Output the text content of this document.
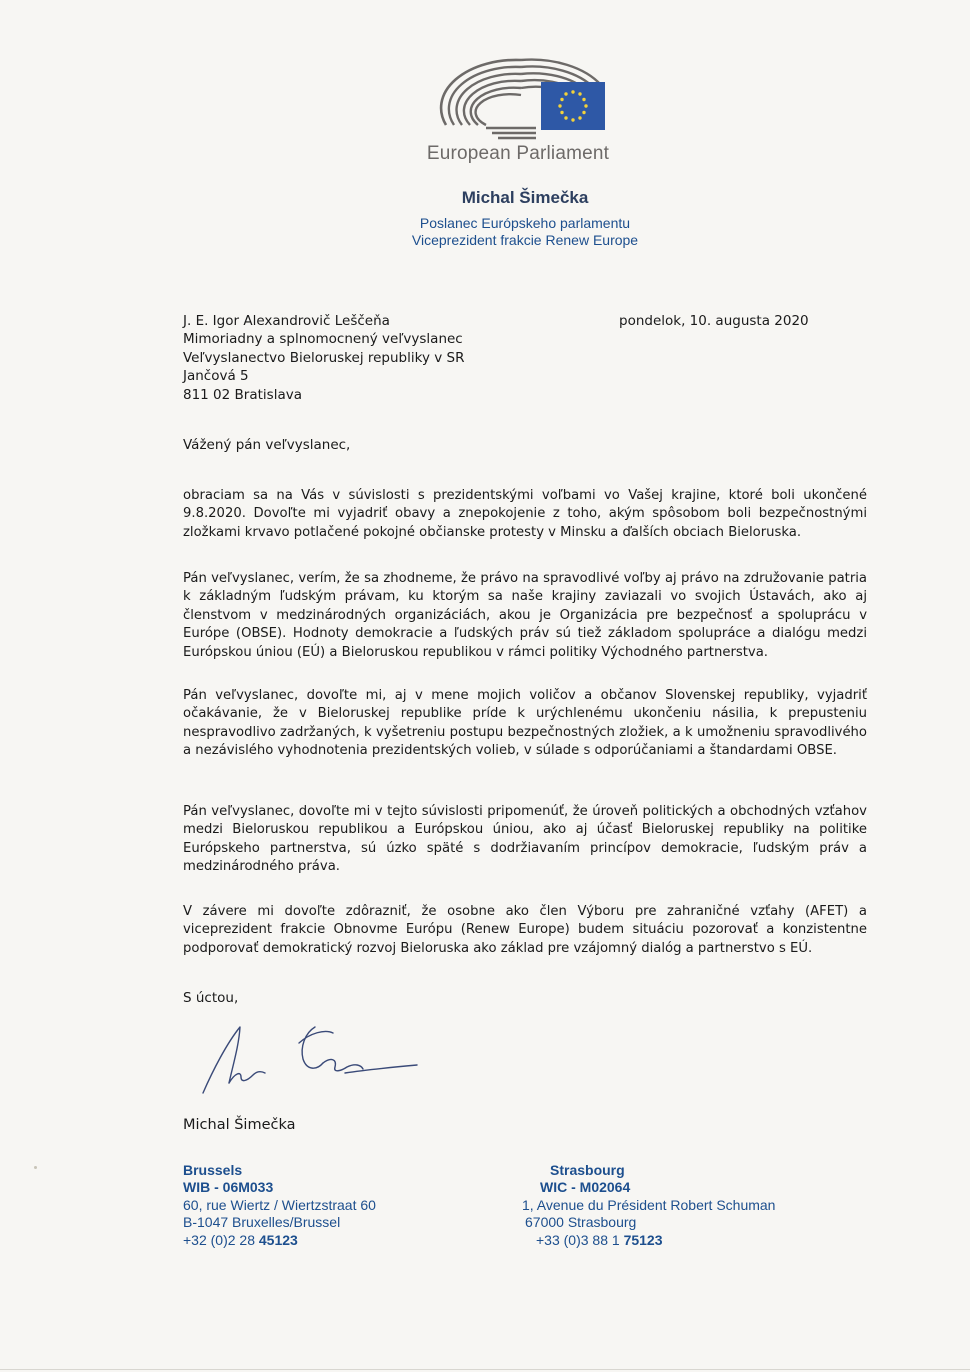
European Parliament
Michal Šimečka
Poslanec Európskeho parlamentu
Viceprezident frakcie Renew Europe
J. E. Igor Alexandrovič Leščeňa
Mimoriadny a splnomocnený veľvyslanec
Veľvyslanectvo Bieloruskej republiky v SR
Jančová 5
811 02 Bratislava
pondelok, 10. augusta 2020
Vážený pán veľvyslanec,

obraciam sa na Vás v súvislosti s prezidentskými voľbami vo Vašej krajine, ktoré boli ukončené 9.8.2020. Dovoľte mi vyjadriť obavy a znepokojenie z toho, akým spôsobom boli bezpečnostnými zložkami krvavo potlačené pokojné občianske protesty v Minsku a ďalších obciach Bieloruska.

Pán veľvyslanec, verím, že sa zhodneme, že právo na spravodlivé voľby aj právo na združovanie patria k základným ľudským právam, ku ktorým sa naše krajiny zaviazali vo svojich Ústavách, ako aj členstvom v medzinárodných organizáciách, akou je Organizácia pre bezpečnosť a spoluprácu v Európe (OBSE). Hodnoty demokracie a ľudských práv sú tiež základom spolupráce a dialógu medzi Európskou úniou (EÚ) a Bieloruskou republikou v rámci politiky Východného partnerstva.

Pán veľvyslanec, dovoľte mi, aj v mene mojich voličov a občanov Slovenskej republiky, vyjadriť očakávanie, že v Bieloruskej republike príde k urýchlenému ukončeniu násilia, k prepusteniu nespravodlivo zadržaných, k vyšetreniu postupu bezpečnostných zložiek, a k umožneniu spravodlivého a nezávislého vyhodnotenia prezidentských volieb, v súlade s odporúčaniami a štandardami OBSE.

Pán veľvyslanec, dovoľte mi v tejto súvislosti pripomenúť, že úroveň politických a obchodných vzťahov medzi Bieloruskou republikou a Európskou úniou, ako aj účasť Bieloruskej republiky na politike Európskeho partnerstva, sú úzko späté s dodržiavaním princípov demokracie, ľudským práv a medzinárodného práva.

V závere mi dovoľte zdôrazniť, že osobne ako člen Výboru pre zahraničné vzťahy (AFET) a viceprezident frakcie Obnovme Európu (Renew Europe) budem situáciu pozorovať a konzistentne podporovať demokratický rozvoj Bieloruska ako základ pre vzájomný dialóg a partnerstvo s EÚ.

S úctou,
Michal Šimečka
Brussels
WIB - 06M033
60, rue Wiertz / Wiertzstraat 60
B-1047 Bruxelles/Brussel
+32 (0)2 28 45123
Strasbourg
WIC - M02064
1, Avenue du Président Robert Schuman
67000 Strasbourg
+33 (0)3 88 1 75123
